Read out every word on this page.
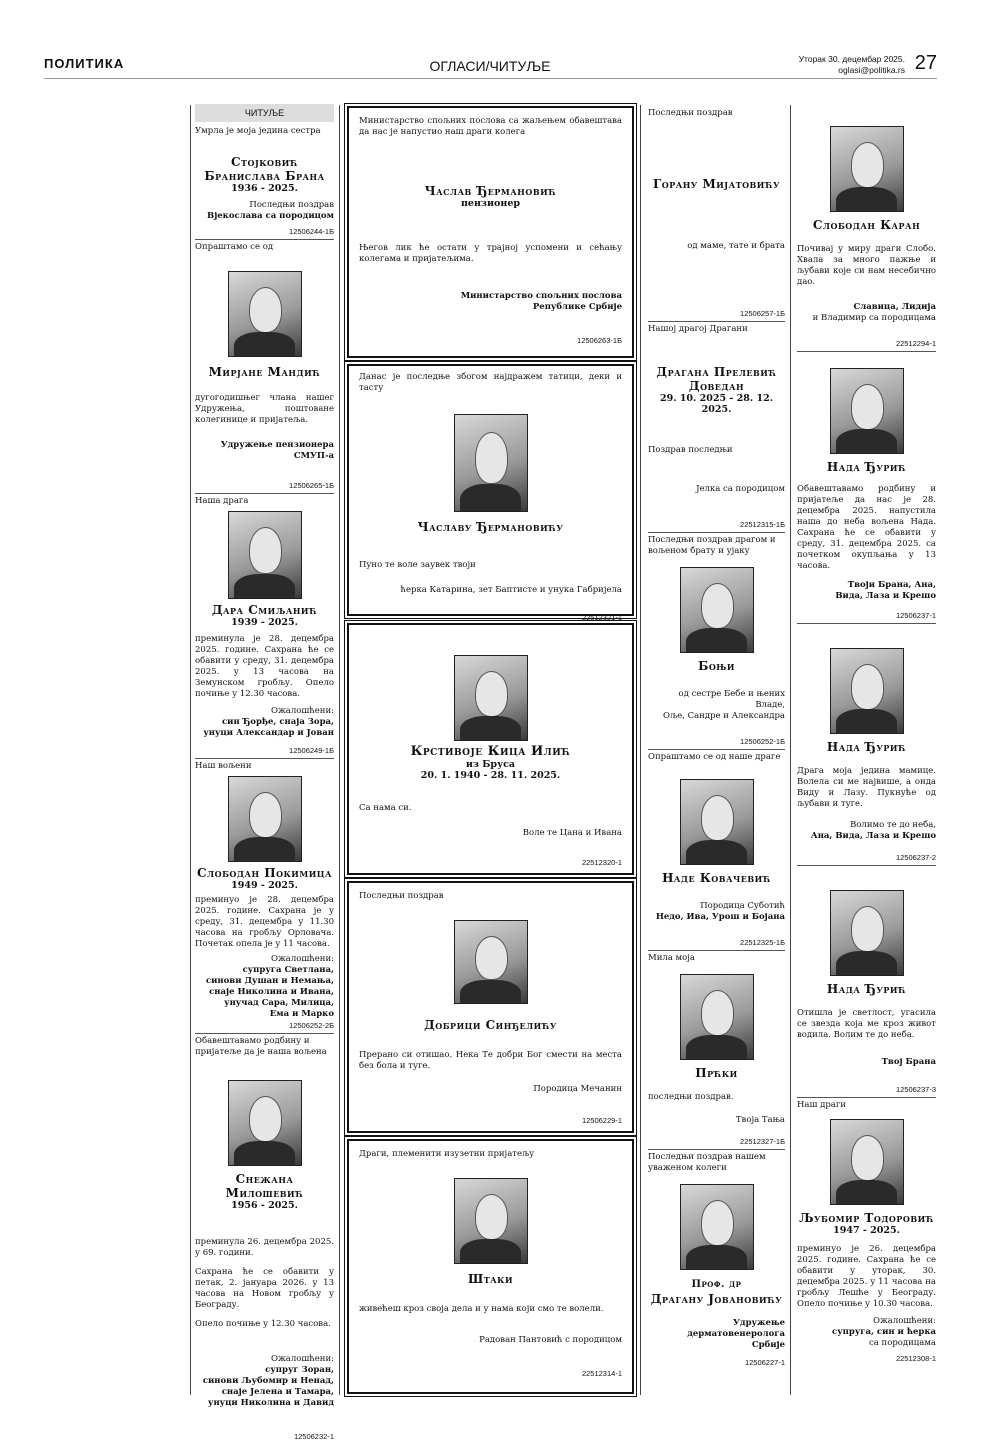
ПОЛИТИКА	ОГЛАСИ/ЧИТУЉЕ	Уторак 30. децембар 2025.
oglasi@politika.rs 27
ЧИТУЉЕ
Умрла је моја једина сестра
Стојковић Бранислава Брана
1936 - 2025.
Последњи поздрав
Вјекослава са породицом
12506244-1Б
Опраштамо се од
Мирјане Мандић
дугогодишњег члана нашег Удружења, поштоване колегинице и пријатеља.
Удружење пензионера
СМУП-а
12506265-1Б
Наша драга
Дара Смиљанић
1939 - 2025.
преминула је 28. децембра 2025. године. Сахрана ће се обавити у среду, 31. децембра 2025. у 13 часова на Земунском гробљу. Опело почиње у 12.30 часова.
Ожалошћени:
син Ђорђе, снаја Зора,
унуци Александар и Јован
12506249-1Б
Наш вољени
Слободан Покимица
1949 - 2025.
преминуо је 28. децембра 2025. године. Сахрана је у среду, 31. децембра у 11.30 часова на гробљу Орловача. Почетак опела је у 11 часова.
Ожалошћени:
супруга Светлана,
синови Душан и Немања,
снаје Николина и Ивана,
унучад Сара, Милица,
Ема и Марко
12506252-2Б
Обавештавамо родбину и пријатеље да је наша вољена
Снежана Милошевић
1956 - 2025.
преминула 26. децембра 2025. у 69. години.
Сахрана ће се обавити у петак, 2. јануара 2026. у 13 часова на Новом гробљу у Београду.
Опело почиње у 12.30 часова.
Ожалошћени:
супруг Зоран,
синови Љубомир и Ненад,
снаје Јелена и Тамара,
унуци Николина и Давид
12506232-1
Министарство спољних послова са жаљењем обавештава да нас је напустио наш драги колега
Часлав Ђермановић
пензионер
Његов лик ће остати у трајној успомени и сећању колегама и пријатељима.
Министарство спољних послова
Републике Србије
12506263-1Б
Данас је последње збогом најдражем татици, деки и тасту
Чаславу Ђермановићу
Пуно те воле заувек твоји
ћерка Катарина, зет Баптисте и унука Габријела
22512321-1
Крстивоје Кица Илић
из Бруса
20. 1. 1940 - 28. 11. 2025.
Са нама си.
Воле те Цана и Ивана
22512320-1
Последњи поздрав
Добрици Синђелићу
Прерано си отишао. Нека Те добри Бог смести на места без бола и туге.
Породица Мечанин
12506229-1
Драги, племенити изузетни пријатељу
Штаки
живећеш кроз своја дела и у нама који смо те волели.
Радован Пантовић с породицом
22512314-1
Последњи поздрав
Горану Мијатовићу
од маме, тате и брата
12506257-1Б
Нашој драгој Драгани
Драгана Прелевић Доведан
29. 10. 2025 - 28. 12. 2025.
Поздрав последњи
Јелка са породицом
22512315-1Б
Последњи поздрав драгом и вољеном брату и ујаку
Боњи
од сестре Бебе и њених Владе,
Оље, Сандре и Александра
12506252-1Б
Опраштамо се од наше драге
Наде Ковачевић
Породица Суботић
Недо, Ива, Урош и Бојана
22512325-1Б
Мила моја
Прћки
последњи поздрав.
Твоја Тања
22512327-1Б
Последњи поздрав нашем уваженом колеги
Проф. др
Драгану Јовановићу
Удружење
дерматовенеролога
Србије
12506227-1
Слободан Каран
Почивај у миру драги Слобо. Хвала за много пажње и љубави које си нам несебично дао.
Славица, Лидија
и Владимир са породицама
22512294-1
Нада Ђурић
Обавештавамо родбину и пријатеље да нас је 28. децембра 2025. напустила наша до неба вољена Нада. Сахрана ће се обавити у среду, 31. децембра 2025. са почетком окупљања у 13 часова.
Твоји Брана, Ана,
Вида, Лаза и Крешо
12506237-1
Нада Ђурић
Драга моја једина мамице. Волела си ме највише, а онда Виду и Лазу. Пукнуће од љубави и туге.
Волимо те до неба,
Ана, Вида, Лаза и Крешо
12506237-2
Нада Ђурић
Отишла је светлост, угасила се звезда која ме кроз живот водила. Волим те до неба.
Твој Брана
12506237-3
Наш драги
Љубомир Тодоровић
1947 - 2025.
преминуо је 26. децембра 2025. године. Сахрана ће се обавити у уторак, 30. децембра 2025. у 11 часова на гробљу Лешће у Београду. Опело почиње у 10.30 часова.
Ожалошћени:
супруга, син и ћерка
са породицама
22512308-1
